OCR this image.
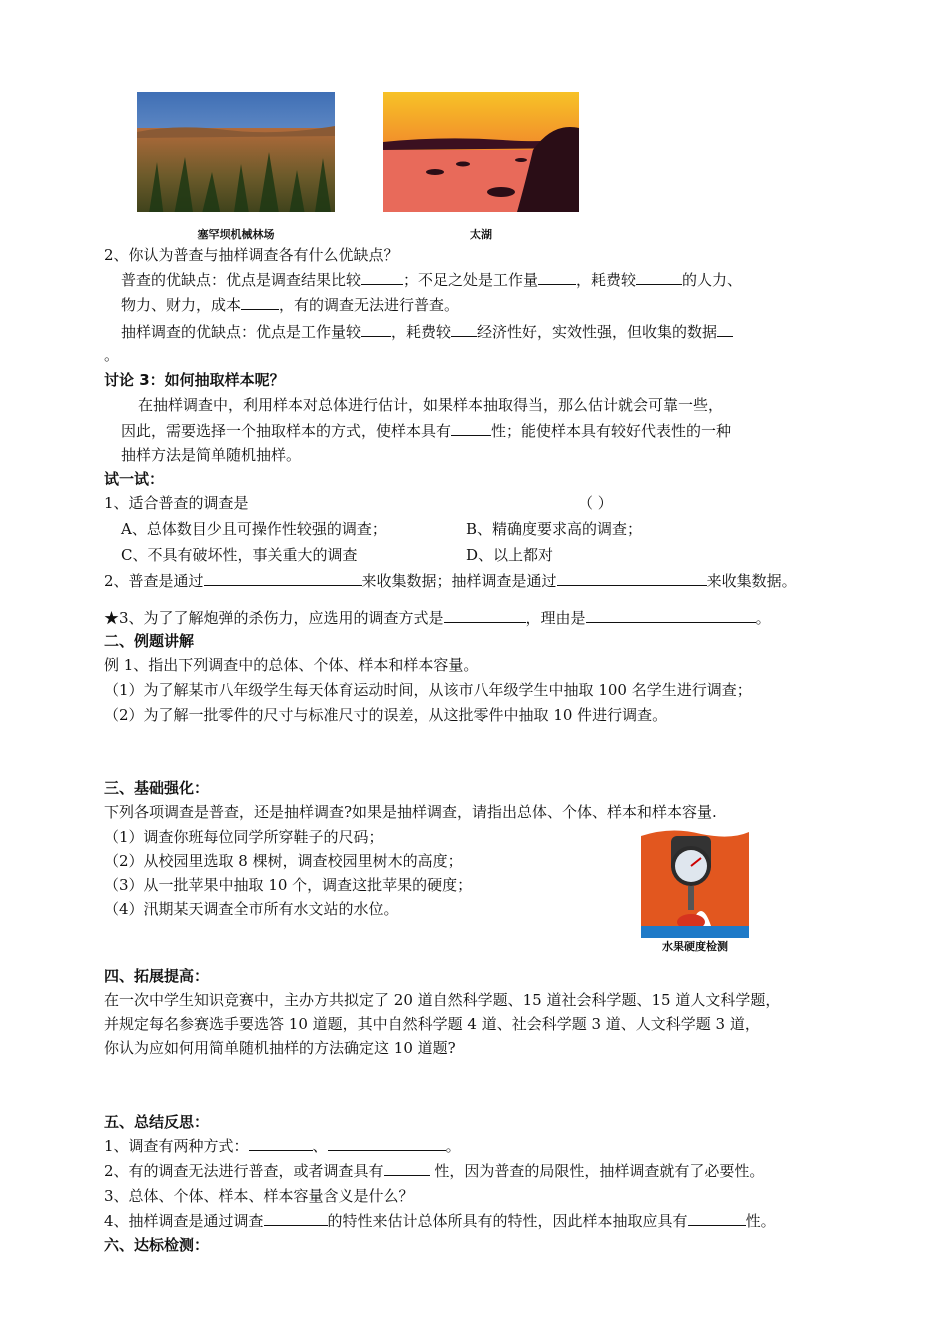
塞罕坝机械林场	太湖
2、你认为普查与抽样调查各有什么优缺点？
普查的优缺点：优点是调查结果比较	；不足之处是工作量	，耗费较	的人力、
物力、财力，成本	，有的调查无法进行普查。
抽样调查的优缺点：优点是工作量较 ，耗费较 经济性好，实效性强，但收集的数据
。
讨论 3：如何抽取样本呢？
在抽样调查中，利用样本对总体进行估计，如果样本抽取得当，那么估计就会可靠一些，
因此，需要选择一个抽取样本的方式，使样本具有	性；能使样本具有较好代表性的一种
抽样方法是简单随机抽样。
试一试：
1、适合普查的调查是	（ ）
A、总体数目少且可操作性较强的调查；	B、精确度要求高的调查；
C、不具有破坏性，事关重大的调查	D、以上都对
2、普查是通过	来收集数据；抽样调查是通过	来收集数据。
★3、为了了解炮弹的杀伤力，应选用的调查方式是	，理由是	。
二、例题讲解
例 1、指出下列调查中的总体、个体、样本和样本容量。
（1）为了解某市八年级学生每天体育运动时间，从该市八年级学生中抽取 100 名学生进行调查；
（2）为了解一批零件的尺寸与标准尺寸的误差，从这批零件中抽取 10 件进行调查。
三、基础强化：
下列各项调查是普查，还是抽样调查?如果是抽样调查，请指出总体、个体、样本和样本容量.
（1）调查你班每位同学所穿鞋子的尺码；
（2）从校园里选取 8 棵树，调查校园里树木的高度；
（3）从一批苹果中抽取 10 个，调查这批苹果的硬度；
（4）汛期某天调查全市所有水文站的水位。
水果硬度检测
四、拓展提高：
在一次中学生知识竞赛中，主办方共拟定了 20 道自然科学题、15 道社会科学题、15 道人文科学题，
并规定每名参赛选手要选答 10 道题，其中自然科学题 4 道、社会科学题 3 道、人文科学题 3 道，
你认为应如何用简单随机抽样的方法确定这 10 道题?
五、总结反思：
1、调查有两种方式：	、	。
2、有的调查无法进行普查，或者调查具有	性，因为普查的局限性，抽样调查就有了必要性。
3、总体、个体、样本、样本容量含义是什么？
4、抽样调查是通过调查	的特性来估计总体所具有的特性，因此样本抽取应具有	性。
六、达标检测：
